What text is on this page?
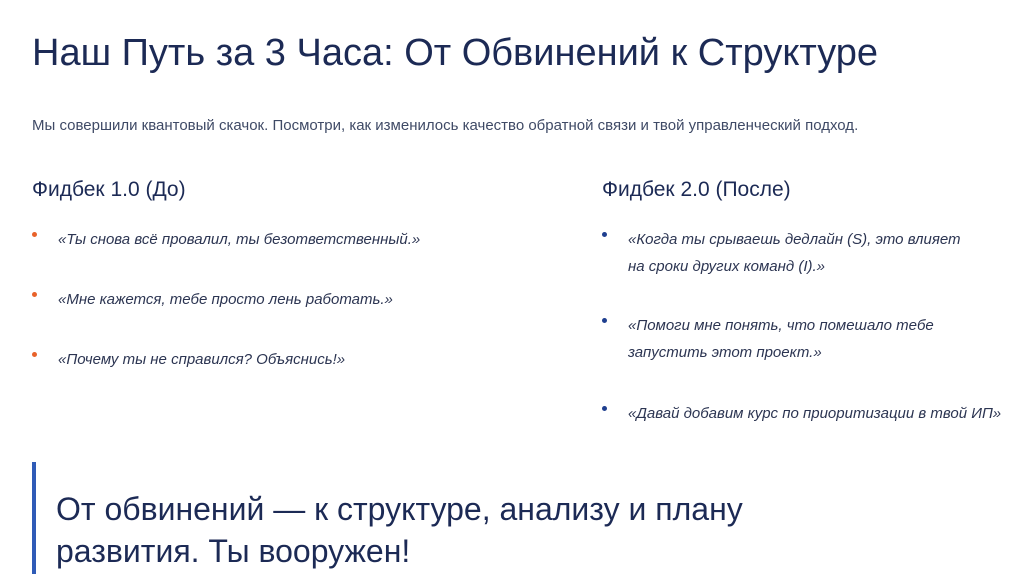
Наш Путь за 3 Часа: От Обвинений к Структуре

Мы совершили квантовый скачок. Посмотри, как изменилось качество обратной связи и твой управленческий подход.

Фидбек 1.0 (До)
«Ты снова всё провалил, ты безответственный.»
«Мне кажется, тебе просто лень работать.»
«Почему ты не справился? Объяснись!»
Фидбек 2.0 (После)
«Когда ты срываешь дедлайн (S), это влияет
на сроки других команд (I).»
«Помоги мне понять, что помешало тебе
запустить этот проект.»
«Давай добавим курс по приоритизации в твой ИП»

От обвинений — к структуре, анализу и плану
развития. Ты вооружен!
